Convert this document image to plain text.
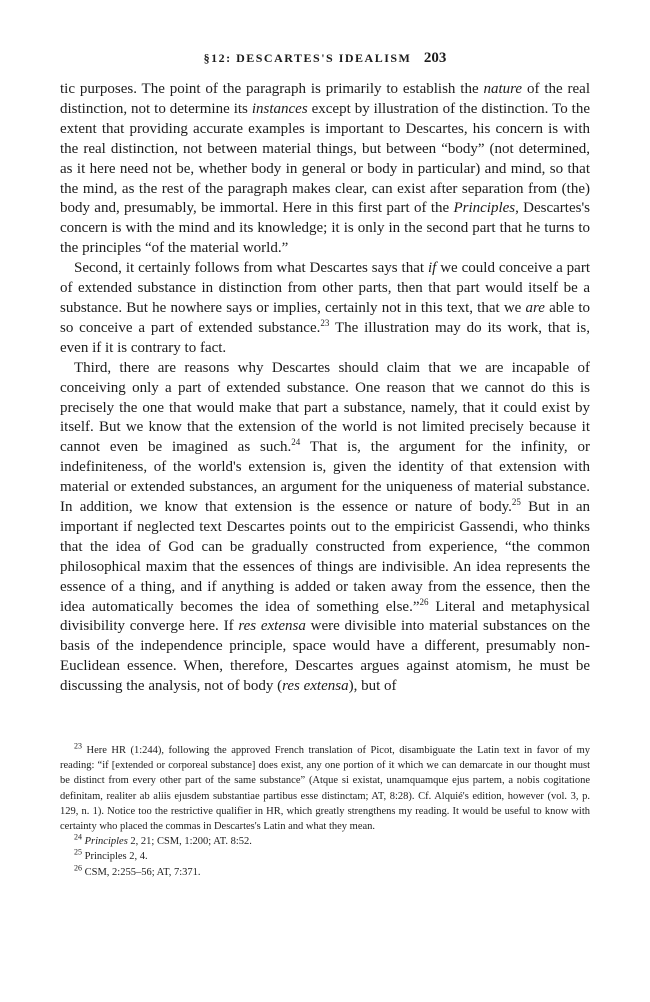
§12: DESCARTES'S IDEALISM 203

tic purposes. The point of the paragraph is primarily to establish the nature of the real distinction, not to determine its instances except by illustration of the distinction. To the extent that providing accurate examples is important to Descartes, his concern is with the real distinction, not between material things, but between “body” (not determined, as it here need not be, whether body in general or body in particular) and mind, so that the mind, as the rest of the paragraph makes clear, can exist after separation from (the) body and, presumably, be immortal. Here in this first part of the Principles, Descartes's concern is with the mind and its knowledge; it is only in the second part that he turns to the principles “of the material world.”

Second, it certainly follows from what Descartes says that if we could conceive a part of extended substance in distinction from other parts, then that part would itself be a substance. But he nowhere says or implies, certainly not in this text, that we are able to so conceive a part of extended substance.$^{23}$ The illustration may do its work, that is, even if it is contrary to fact.

Third, there are reasons why Descartes should claim that we are incapable of conceiving only a part of extended substance. One reason that we cannot do this is precisely the one that would make that part a substance, namely, that it could exist by itself. But we know that the extension of the world is not limited precisely because it cannot even be imagined as such.$^{24}$ That is, the argument for the infinity, or indefiniteness, of the world's extension is, given the identity of that extension with material or extended substances, an argument for the uniqueness of material substance. In addition, we know that extension is the essence or nature of body.$^{25}$ But in an important if neglected text Descartes points out to the empiricist Gassendi, who thinks that the idea of God can be gradually constructed from experience, “the common philosophical maxim that the essences of things are indivisible. An idea represents the essence of a thing, and if anything is added or taken away from the essence, then the idea automatically becomes the idea of something else.”$^{26}$ Literal and metaphysical divisibility converge here. If res extensa were divisible into material substances on the basis of the independence principle, space would have a different, presumably non-Euclidean essence. When, therefore, Descartes argues against atomism, he must be discussing the analysis, not of body (res extensa), but of

$^{23}$ Here HR (1:244), following the approved French translation of Picot, disambiguate the Latin text in favor of my reading: “if [extended or corporeal substance] does exist, any one portion of it which we can demarcate in our thought must be distinct from every other part of the same substance” (Atque si existat, unamquamque ejus partem, a nobis cogitatione definitam, realiter ab aliis ejusdem substantiae partibus esse distinctam; AT, 8:28). Cf. Alquié's edition, however (vol. 3, p. 129, n. 1). Notice too the restrictive qualifier in HR, which greatly strengthens my reading. It would be useful to know with certainty who placed the commas in Descartes's Latin and what they mean.

$^{24}$ Principles 2, 21; CSM, 1:200; AT. 8:52.

$^{25}$ Principles 2, 4.

$^{26}$ CSM, 2:255–56; AT, 7:371.
